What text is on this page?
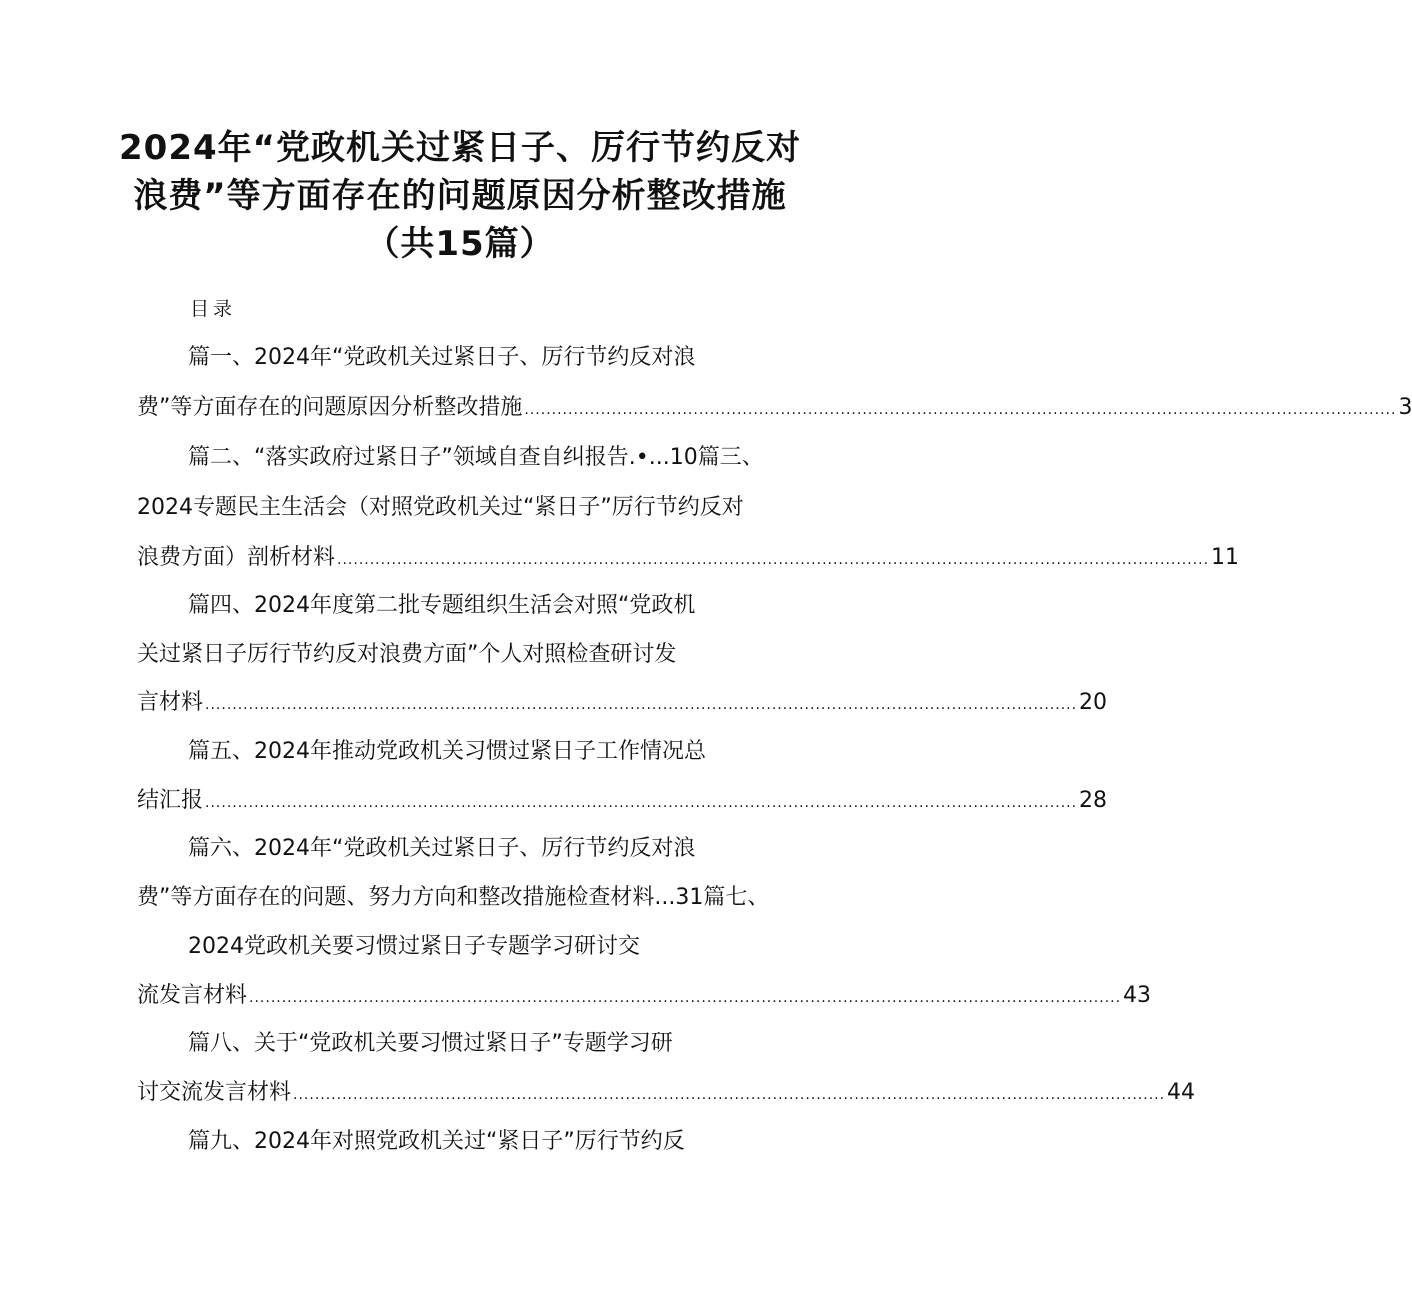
2024年“党政机关过紧日子、厉行节约反对
浪费”等方面存在的问题原因分析整改措施
（共15篇）
目录
篇一、2024年“党政机关过紧日子、厉行节约反对浪
费”等方面存在的问题原因分析整改措施 ................................................................................................................................................................ 3
篇二、“落实政府过紧日子”领域自查自纠报告.•...10篇三、
2024专题民主生活会（对照党政机关过“紧日子”厉行节约反对
浪费方面）剖析材料 ................................................................................................................................................................ 11
篇四、2024年度第二批专题组织生活会对照“党政机
关过紧日子厉行节约反对浪费方面”个人对照检查研讨发
言材料 ................................................................................................................................................................ 20
篇五、2024年推动党政机关习惯过紧日子工作情况总
结汇报 ................................................................................................................................................................ 28
篇六、2024年“党政机关过紧日子、厉行节约反对浪
费”等方面存在的问题、努力方向和整改措施检查材料...31篇七、
2024党政机关要习惯过紧日子专题学习研讨交
流发言材料 ................................................................................................................................................................ 43
篇八、关于“党政机关要习惯过紧日子”专题学习研
讨交流发言材料 ................................................................................................................................................................ 44
篇九、2024年对照党政机关过“紧日子”厉行节约反
